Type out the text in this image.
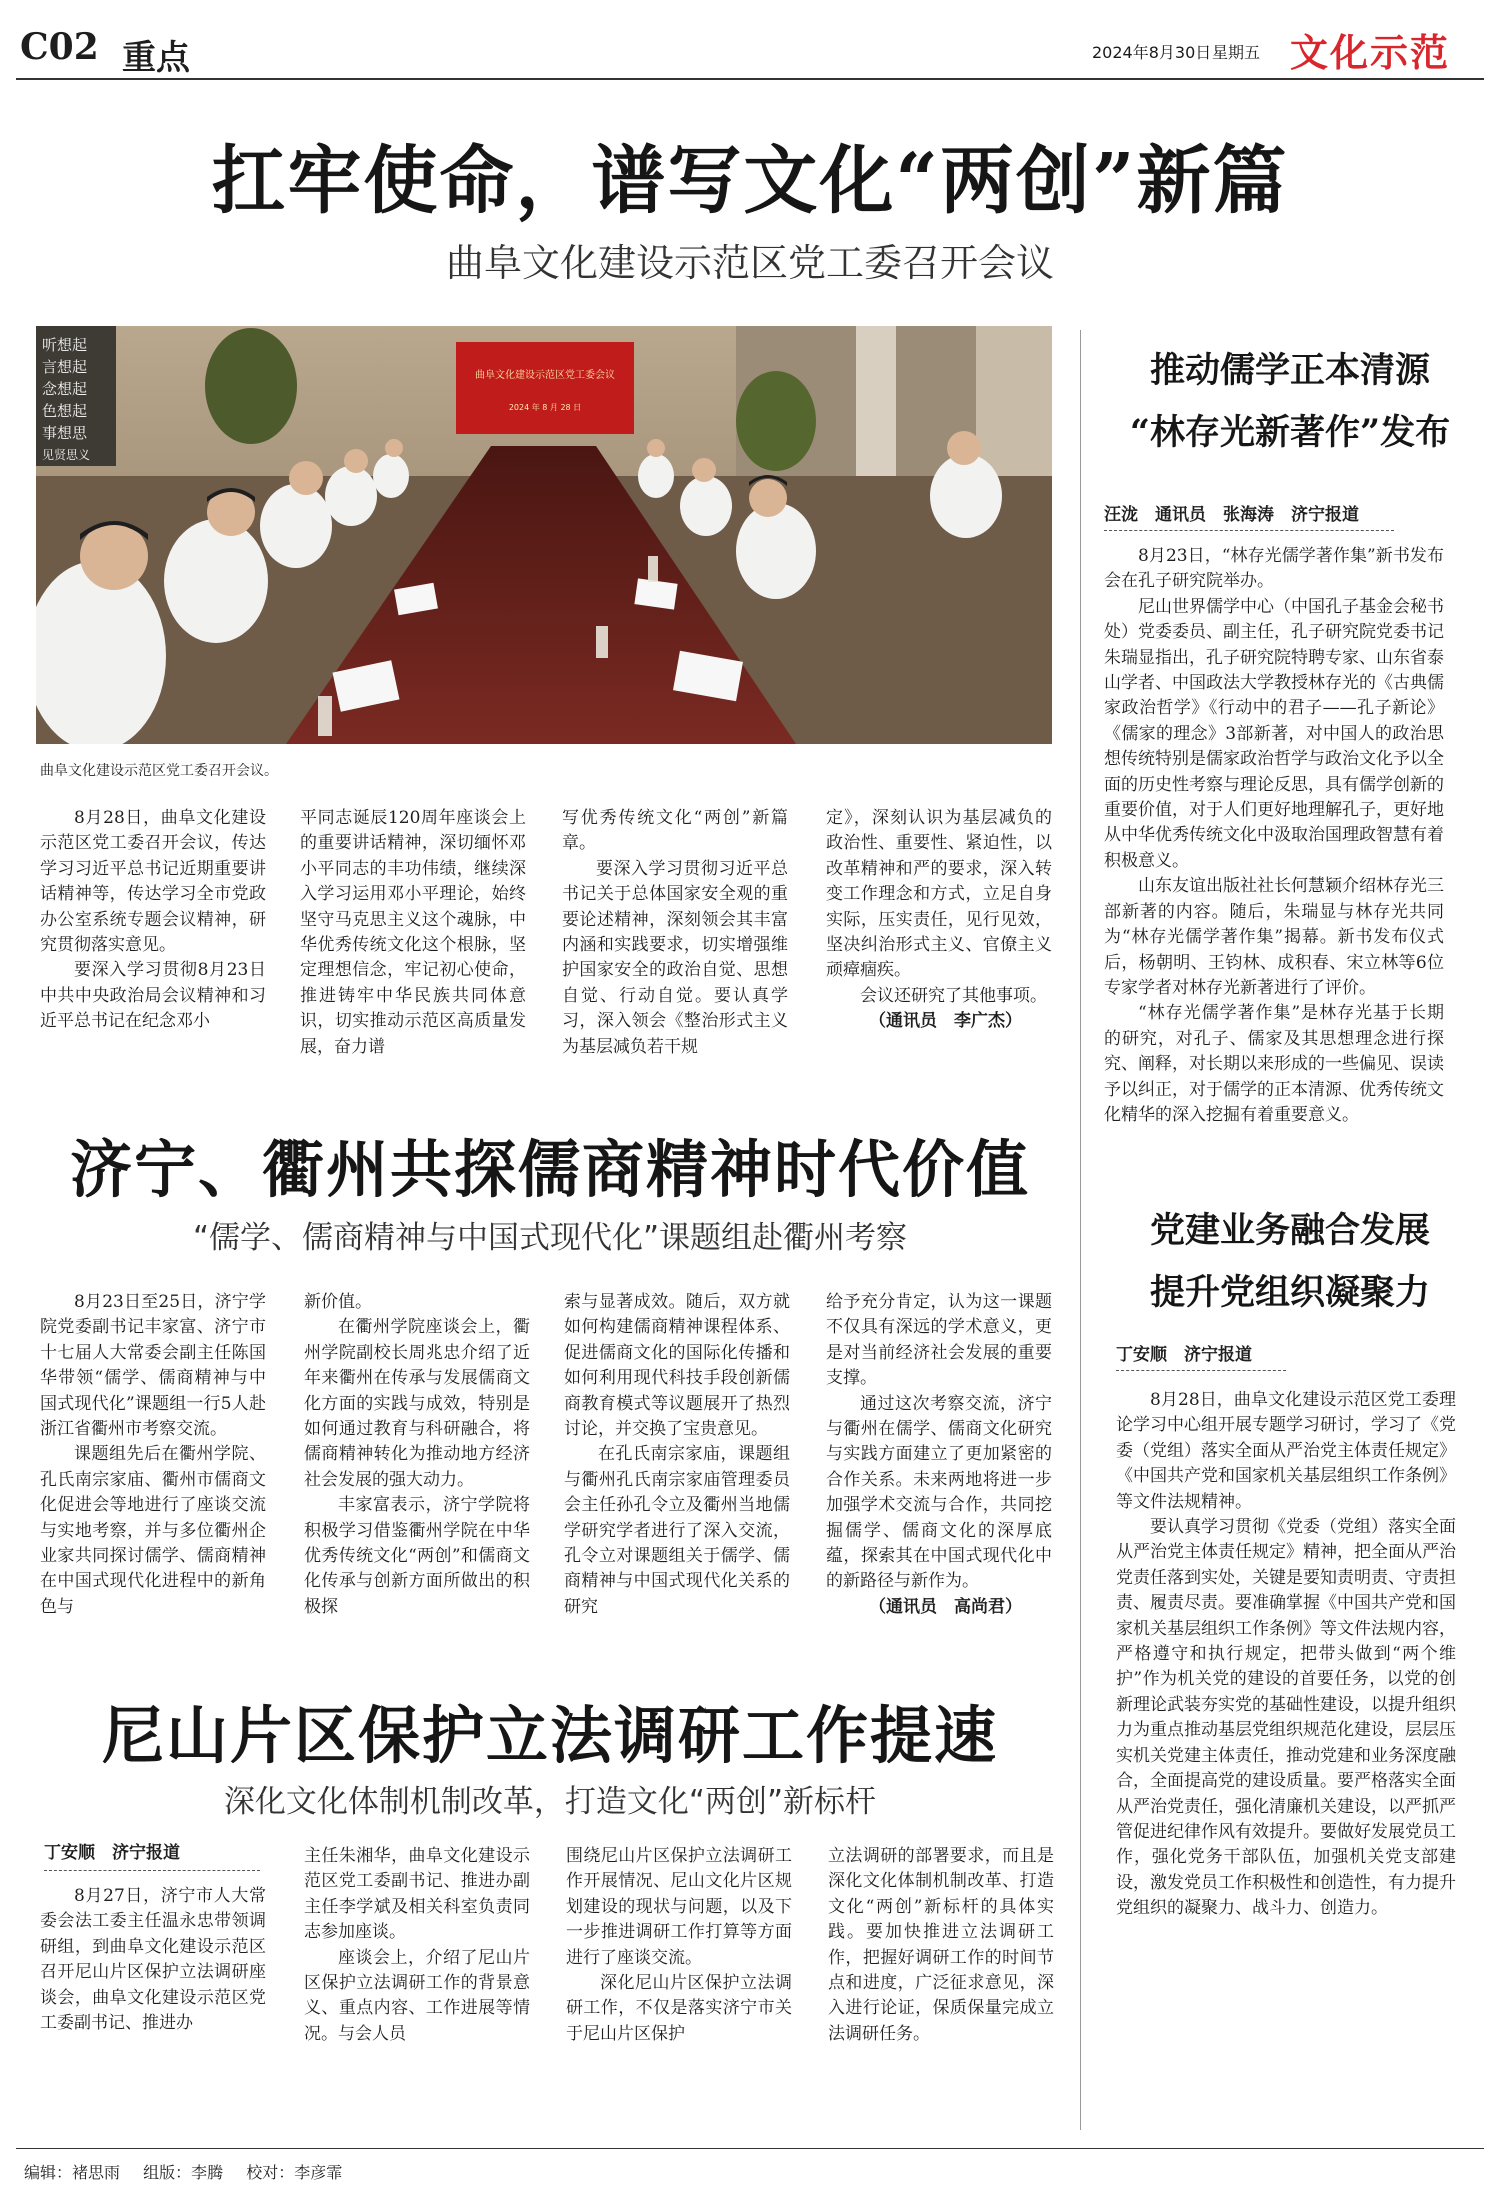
C02 重点	2024年8月30日 星期五 文化示范
扛牢使命，谱写文化“两创”新篇
曲阜文化建设示范区党工委召开会议
听想起
言想起
念想起
色想起
事想思
见贤思义
曲阜文化建设示范区党工委会议
2024 年 8 月 28 日
曲阜文化建设示范区党工委召开会议。

8月28日，曲阜文化建设示范区党工委召开会议，传达学习习近平总书记近期重要讲话精神等，传达学习全市党政办公室系统专题会议精神，研究贯彻落实意见。

要深入学习贯彻8月23日中共中央政治局会议精神和习近平总书记在纪念邓小

平同志诞辰120周年座谈会上的重要讲话精神，深切缅怀邓小平同志的丰功伟绩，继续深入学习运用邓小平理论，始终坚守马克思主义这个魂脉，中华优秀传统文化这个根脉，坚定理想信念，牢记初心使命，推进铸牢中华民族共同体意识，切实推动示范区高质量发展，奋力谱

写优秀传统文化“两创”新篇章。

要深入学习贯彻习近平总书记关于总体国家安全观的重要论述精神，深刻领会其丰富内涵和实践要求，切实增强维护国家安全的政治自觉、思想自觉、行动自觉。要认真学习，深入领会《整治形式主义为基层减负若干规

定》，深刻认识为基层减负的政治性、重要性、紧迫性，以改革精神和严的要求，深入转变工作理念和方式，立足自身实际，压实责任，见行见效，坚决纠治形式主义、官僚主义顽瘴痼疾。

会议还研究了其他事项。

（通讯员　李广杰）

济宁、衢州共探儒商精神时代价值
“儒学、儒商精神与中国式现代化”课题组赴衢州考察

8月23日至25日，济宁学院党委副书记丰家富、济宁市十七届人大常委会副主任陈国华带领“儒学、儒商精神与中国式现代化”课题组一行5人赴浙江省衢州市考察交流。

课题组先后在衢州学院、孔氏南宗家庙、衢州市儒商文化促进会等地进行了座谈交流与实地考察，并与多位衢州企业家共同探讨儒学、儒商精神在中国式现代化进程中的新角色与

新价值。

在衢州学院座谈会上，衢州学院副校长周兆忠介绍了近年来衢州在传承与发展儒商文化方面的实践与成效，特别是如何通过教育与科研融合，将儒商精神转化为推动地方经济社会发展的强大动力。

丰家富表示，济宁学院将积极学习借鉴衢州学院在中华优秀传统文化“两创”和儒商文化传承与创新方面所做出的积极探

索与显著成效。随后，双方就如何构建儒商精神课程体系、促进儒商文化的国际化传播和如何利用现代科技手段创新儒商教育模式等议题展开了热烈讨论，并交换了宝贵意见。

在孔氏南宗家庙，课题组与衢州孔氏南宗家庙管理委员会主任孙孔令立及衢州当地儒学研究学者进行了深入交流，孔令立对课题组关于儒学、儒商精神与中国式现代化关系的研究

给予充分肯定，认为这一课题不仅具有深远的学术意义，更是对当前经济社会发展的重要支撑。

通过这次考察交流，济宁与衢州在儒学、儒商文化研究与实践方面建立了更加紧密的合作关系。未来两地将进一步加强学术交流与合作，共同挖掘儒学、儒商文化的深厚底蕴，探索其在中国式现代化中的新路径与新作为。

（通讯员　高尚君）

尼山片区保护立法调研工作提速
深化文化体制机制改革，打造文化“两创”新标杆
丁安顺　济宁报道

8月27日，济宁市人大常委会法工委主任温永忠带领调研组，到曲阜文化建设示范区召开尼山片区保护立法调研座谈会，曲阜文化建设示范区党工委副书记、推进办

主任朱湘华，曲阜文化建设示范区党工委副书记、推进办副主任李学斌及相关科室负责同志参加座谈。

座谈会上，介绍了尼山片区保护立法调研工作的背景意义、重点内容、工作进展等情况。与会人员

围绕尼山片区保护立法调研工作开展情况、尼山文化片区规划建设的现状与问题，以及下一步推进调研工作打算等方面进行了座谈交流。

深化尼山片区保护立法调研工作，不仅是落实济宁市关于尼山片区保护

立法调研的部署要求，而且是深化文化体制机制改革、打造文化“两创”新标杆的具体实践。要加快推进立法调研工作，把握好调研工作的时间节点和进度，广泛征求意见，深入进行论证，保质保量完成立法调研任务。

推动儒学正本清源
“林存光新著作”发布
汪泷　通讯员　张海涛　济宁报道

8月23日，“林存光儒学著作集”新书发布会在孔子研究院举办。

尼山世界儒学中心（中国孔子基金会秘书处）党委委员、副主任，孔子研究院党委书记朱瑞显指出，孔子研究院特聘专家、山东省泰山学者、中国政法大学教授林存光的《古典儒家政治哲学》《行动中的君子——孔子新论》《儒家的理念》3部新著，对中国人的政治思想传统特别是儒家政治哲学与政治文化予以全面的历史性考察与理论反思，具有儒学创新的重要价值，对于人们更好地理解孔子，更好地从中华优秀传统文化中汲取治国理政智慧有着积极意义。

山东友谊出版社社长何慧颖介绍林存光三部新著的内容。随后，朱瑞显与林存光共同为“林存光儒学著作集”揭幕。新书发布仪式后，杨朝明、王钧林、成积春、宋立林等6位专家学者对林存光新著进行了评价。

“林存光儒学著作集”是林存光基于长期的研究，对孔子、儒家及其思想理念进行探究、阐释，对长期以来形成的一些偏见、误读予以纠正，对于儒学的正本清源、优秀传统文化精华的深入挖掘有着重要意义。

党建业务融合发展
提升党组织凝聚力
丁安顺　济宁报道

8月28日，曲阜文化建设示范区党工委理论学习中心组开展专题学习研讨，学习了《党委（党组）落实全面从严治党主体责任规定》《中国共产党和国家机关基层组织工作条例》等文件法规精神。

要认真学习贯彻《党委（党组）落实全面从严治党主体责任规定》精神，把全面从严治党责任落到实处，关键是要知责明责、守责担责、履责尽责。要准确掌握《中国共产党和国家机关基层组织工作条例》等文件法规内容，严格遵守和执行规定，把带头做到“两个维护”作为机关党的建设的首要任务，以党的创新理论武装夯实党的基础性建设，以提升组织力为重点推动基层党组织规范化建设，层层压实机关党建主体责任，推动党建和业务深度融合，全面提高党的建设质量。要严格落实全面从严治党责任，强化清廉机关建设，以严抓严管促进纪律作风有效提升。要做好发展党员工作，强化党务干部队伍，加强机关党支部建设，激发党员工作积极性和创造性，有力提升党组织的凝聚力、战斗力、创造力。

编辑：褚思雨 组版：李腾 校对：李彦霏
